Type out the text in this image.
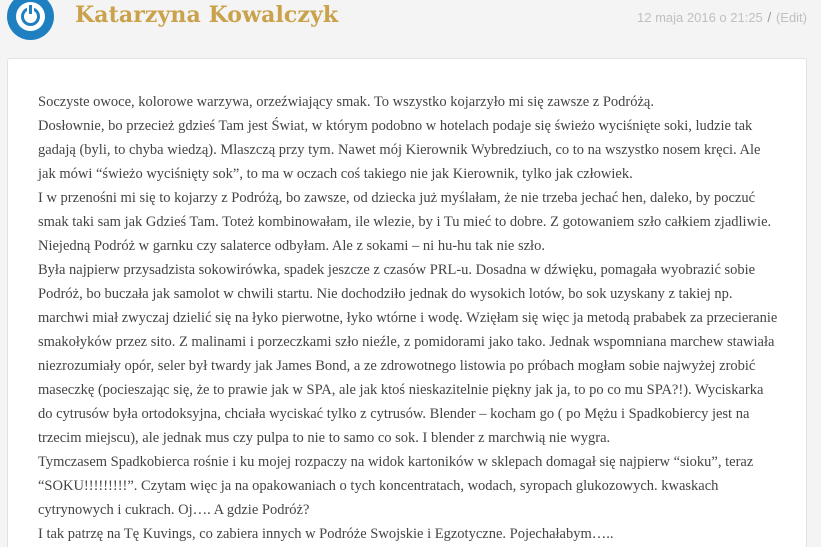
Katarzyna Kowalczyk	12 maja 2016 o 21:25 / (Edit)

Soczyste owoce, kolorowe warzywa, orzeźwiający smak. To wszystko kojarzyło mi się zawsze z Podróżą.

Dosłownie, bo przecież gdzieś Tam jest Świat, w którym podobno w hotelach podaje się świeżo wyciśnięte soki, ludzie tak gadają (byli, to chyba wiedzą). Mlaszczą przy tym. Nawet mój Kierownik Wybredziuch, co to na wszystko nosem kręci. Ale jak mówi “świeżo wyciśnięty sok”, to ma w oczach coś takiego nie jak Kierownik, tylko jak człowiek.

I w przenośni mi się to kojarzy z Podróżą, bo zawsze, od dziecka już myślałam, że nie trzeba jechać hen, daleko, by poczuć smak taki sam jak Gdzieś Tam. Toteż kombinowałam, ile wlezie, by i Tu mieć to dobre. Z gotowaniem szło całkiem zjadliwie. Niejedną Podróż w garnku czy salaterce odbyłam. Ale z sokami – ni hu-hu tak nie szło.

Była najpierw przysadzista sokowirówka, spadek jeszcze z czasów PRL-u. Dosadna w dźwięku, pomagała wyobrazić sobie Podróż, bo buczała jak samolot w chwili startu. Nie dochodziło jednak do wysokich lotów, bo sok uzyskany z takiej np. marchwi miał zwyczaj dzielić się na łyko pierwotne, łyko wtórne i wodę. Wzięłam się więc ja metodą prababek za przecieranie smakołyków przez sito. Z malinami i porzeczkami szło nieźle, z pomidorami jako tako. Jednak wspomniana marchew stawiała niezrozumiały opór, seler był twardy jak James Bond, a ze zdrowotnego listowia po próbach mogłam sobie najwyżej zrobić maseczkę (pocieszając się, że to prawie jak w SPA, ale jak ktoś nieskazitelnie piękny jak ja, to po co mu SPA?!). Wyciskarka do cytrusów była ortodoksyjna, chciała wyciskać tylko z cytrusów. Blender – kocham go ( po Mężu i Spadkobiercy jest na trzecim miejscu), ale jednak mus czy pulpa to nie to samo co sok. I blender z marchwią nie wygra.

Tymczasem Spadkobierca rośnie i ku mojej rozpaczy na widok kartoników w sklepach domagał się najpierw “sioku”, teraz “SOKU!!!!!!!!!”. Czytam więc ja na opakowaniach o tych koncentratach, wodach, syropach glukozowych. kwaskach cytrynowych i cukrach. Oj…. A gdzie Podróż?

I tak patrzę na Tę Kuvings, co zabiera innych w Podróże Swojskie i Egzotyczne. Pojechałabym…..
